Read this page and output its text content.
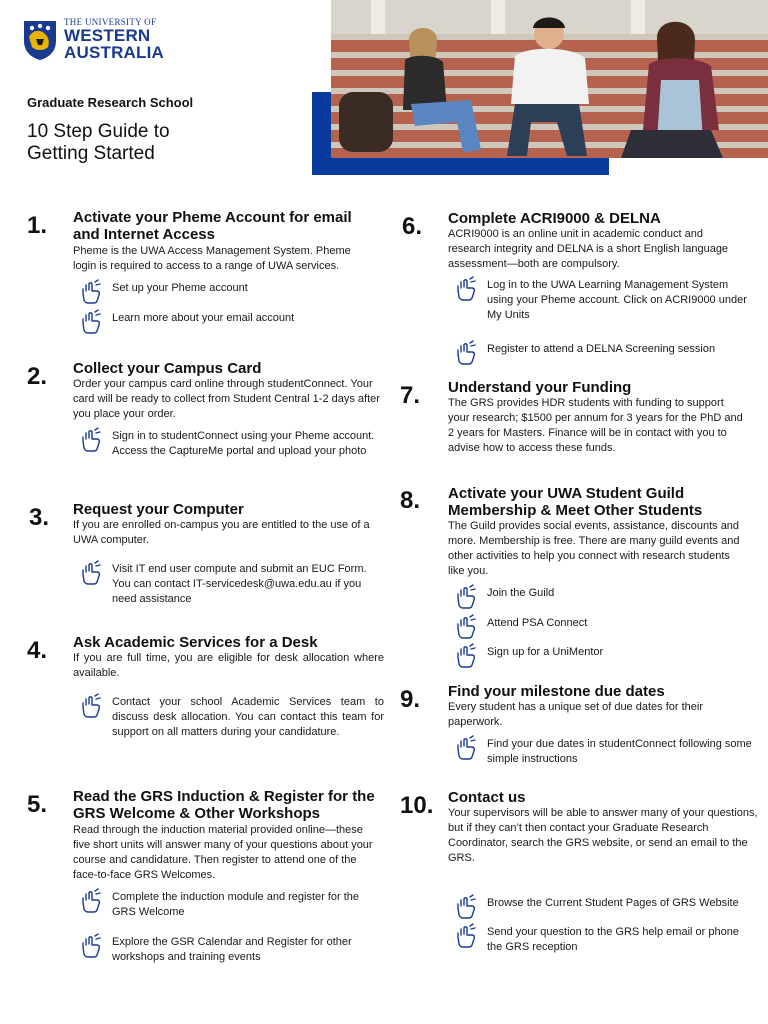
THE UNIVERSITY OF
WESTERN
AUSTRALIA
Graduate Research School
10 Step Guide to Getting Started
1. Activate your Pheme Account for email and Internet Access
Pheme is the UWA Access Management System. Pheme login is required to access to a range of UWA services.
Set up your Pheme account
Learn more about your email account
2. Collect your Campus Card
Order your campus card online through studentConnect. Your card will be ready to collect from Student Central 1-2 days after you place your order.
Sign in to studentConnect using your Pheme account. Access the CaptureMe portal and upload your photo
3. Request your Computer
If you are enrolled on-campus you are entitled to the use of a UWA computer.
Visit IT end user compute and submit an EUC Form. You can contact IT-servicedesk@uwa.edu.au if you need assistance
4. Ask Academic Services for a Desk
If you are full time, you are eligible for desk allocation where available.
Contact your school Academic Services team to discuss desk allocation. You can contact this team for support on all matters during your candidature.
5. Read the GRS Induction & Register for the GRS Welcome & Other Workshops
Read through the induction material provided online—these five short units will answer many of your questions about your course and candidature. Then register to attend one of the face-to-face GRS Welcomes.
Complete the induction module and register for the GRS Welcome
Explore the GSR Calendar and Register for other workshops and training events
6. Complete ACRI9000 & DELNA
ACRI9000 is an online unit in academic conduct and research integrity and DELNA is a short English language assessment—both are compulsory.
Log in to the UWA Learning Management System using your Pheme account. Click on ACRI9000 under My Units
Register to attend a DELNA Screening session
7. Understand your Funding
The GRS provides HDR students with funding to support your research; $1500 per annum for 3 years for the PhD and 2 years for Masters. Finance will be in contact with you to advise how to access these funds.
8. Activate your UWA Student Guild Membership & Meet Other Students
The Guild provides social events, assistance, discounts and more. Membership is free. There are many guild events and other activities to help you connect with research students like you.
Join the Guild
Attend PSA Connect
Sign up for a UniMentor
9. Find your milestone due dates
Every student has a unique set of due dates for their paperwork.
Find your due dates in studentConnect following some simple instructions
10. Contact us
Your supervisors will be able to answer many of your questions, but if they can’t then contact your Graduate Research Coordinator, search the GRS website, or send an email to the GRS.
Browse the Current Student Pages of GRS Website
Send your question to the GRS help email or phone the GRS reception
